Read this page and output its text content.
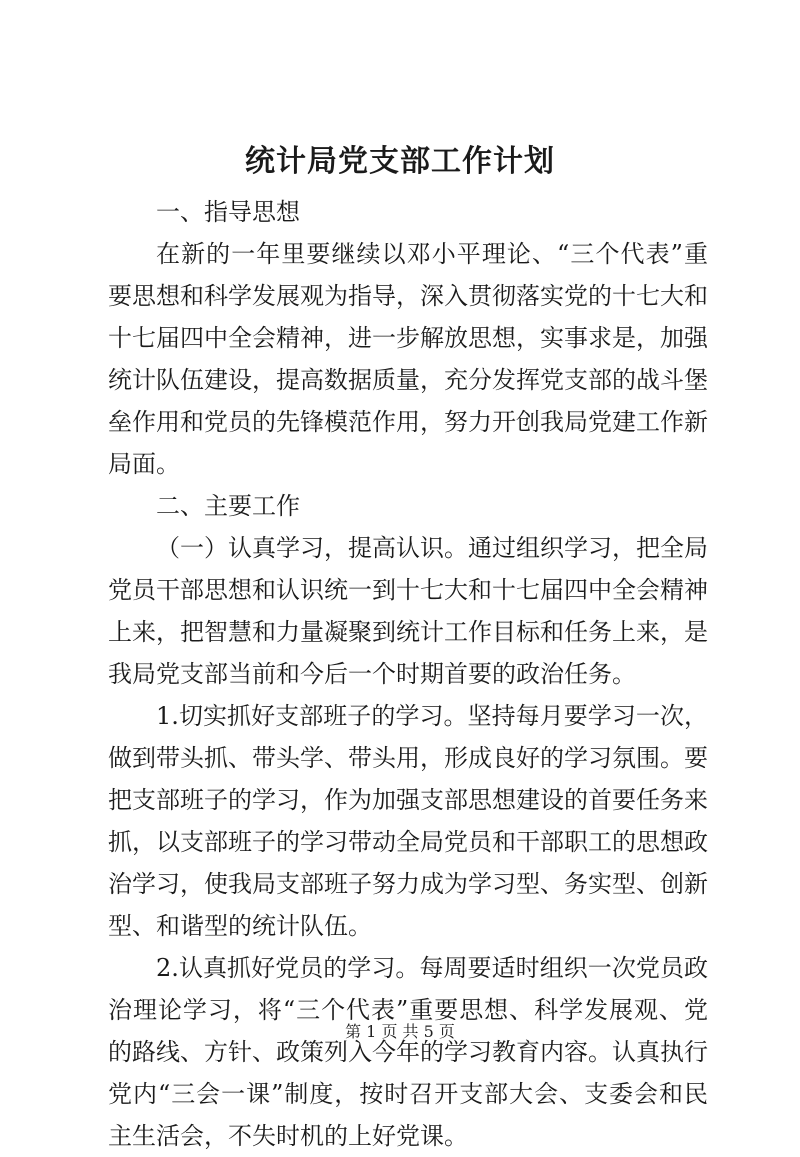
统计局党支部工作计划

一、指导思想

在新的一年里要继续以邓小平理论、“三个代表”重要思想和科学发展观为指导，深入贯彻落实党的十七大和十七届四中全会精神，进一步解放思想，实事求是，加强统计队伍建设，提高数据质量，充分发挥党支部的战斗堡垒作用和党员的先锋模范作用，努力开创我局党建工作新局面。

二、主要工作

（一）认真学习，提高认识。通过组织学习，把全局党员干部思想和认识统一到十七大和十七届四中全会精神上来，把智慧和力量凝聚到统计工作目标和任务上来，是我局党支部当前和今后一个时期首要的政治任务。

1.切实抓好支部班子的学习。坚持每月要学习一次，做到带头抓、带头学、带头用，形成良好的学习氛围。要把支部班子的学习，作为加强支部思想建设的首要任务来抓，以支部班子的学习带动全局党员和干部职工的思想政治学习，使我局支部班子努力成为学习型、务实型、创新型、和谐型的统计队伍。

2.认真抓好党员的学习。每周要适时组织一次党员政治理论学习，将“三个代表”重要思想、科学发展观、党的路线、方针、政策列入今年的学习教育内容。认真执行党内“三会一课”制度，按时召开支部大会、支委会和民主生活会，不失时机的上好党课。

第 1 页 共 5 页
